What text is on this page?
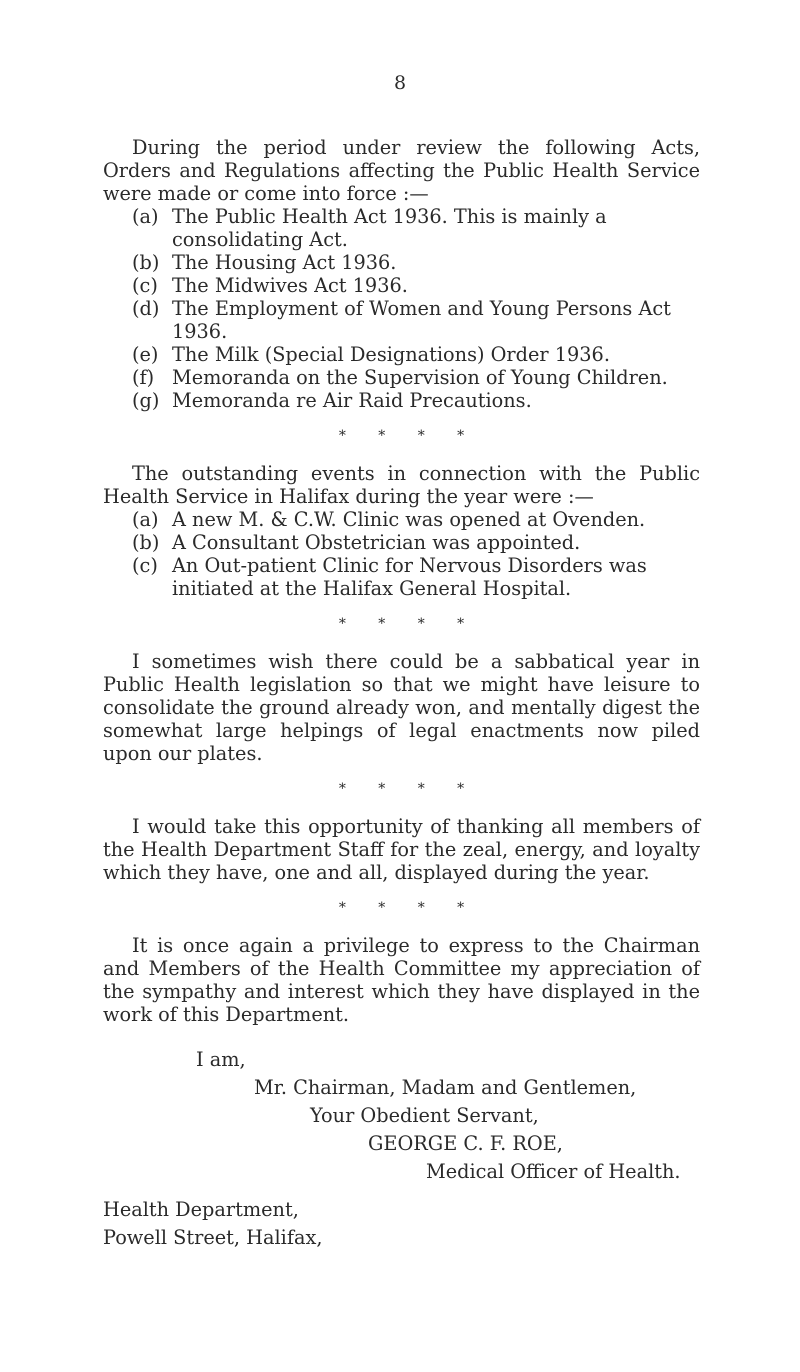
8

During the period under review the following Acts, Orders and Regulations affecting the Public Health Service were made or come into force :—

(a) The Public Health Act 1936. This is mainly a consolidating Act.
(b) The Housing Act 1936.
(c) The Midwives Act 1936.
(d) The Employment of Women and Young Persons Act 1936.
(e) The Milk (Special Designations) Order 1936.
(f) Memoranda on the Supervision of Young Children.
(g) Memoranda re Air Raid Precautions.
* * * *

The outstanding events in connection with the Public Health Service in Halifax during the year were :—

(a) A new M. & C.W. Clinic was opened at Ovenden.
(b) A Consultant Obstetrician was appointed.
(c) An Out-patient Clinic for Nervous Disorders was initiated at the Halifax General Hospital.
* * * *

I sometimes wish there could be a sabbatical year in Public Health legislation so that we might have leisure to consolidate the ground already won, and mentally digest the somewhat large helpings of legal enactments now piled upon our plates.

* * * *

I would take this opportunity of thanking all members of the Health Department Staff for the zeal, energy, and loyalty which they have, one and all, displayed during the year.

* * * *

It is once again a privilege to express to the Chairman and Members of the Health Committee my appreciation of the sympathy and interest which they have displayed in the work of this Department.

I am,
Mr. Chairman, Madam and Gentlemen,
Your Obedient Servant,
GEORGE C. F. ROE,
Medical Officer of Health.
Health Department,
Powell Street, Halifax,
